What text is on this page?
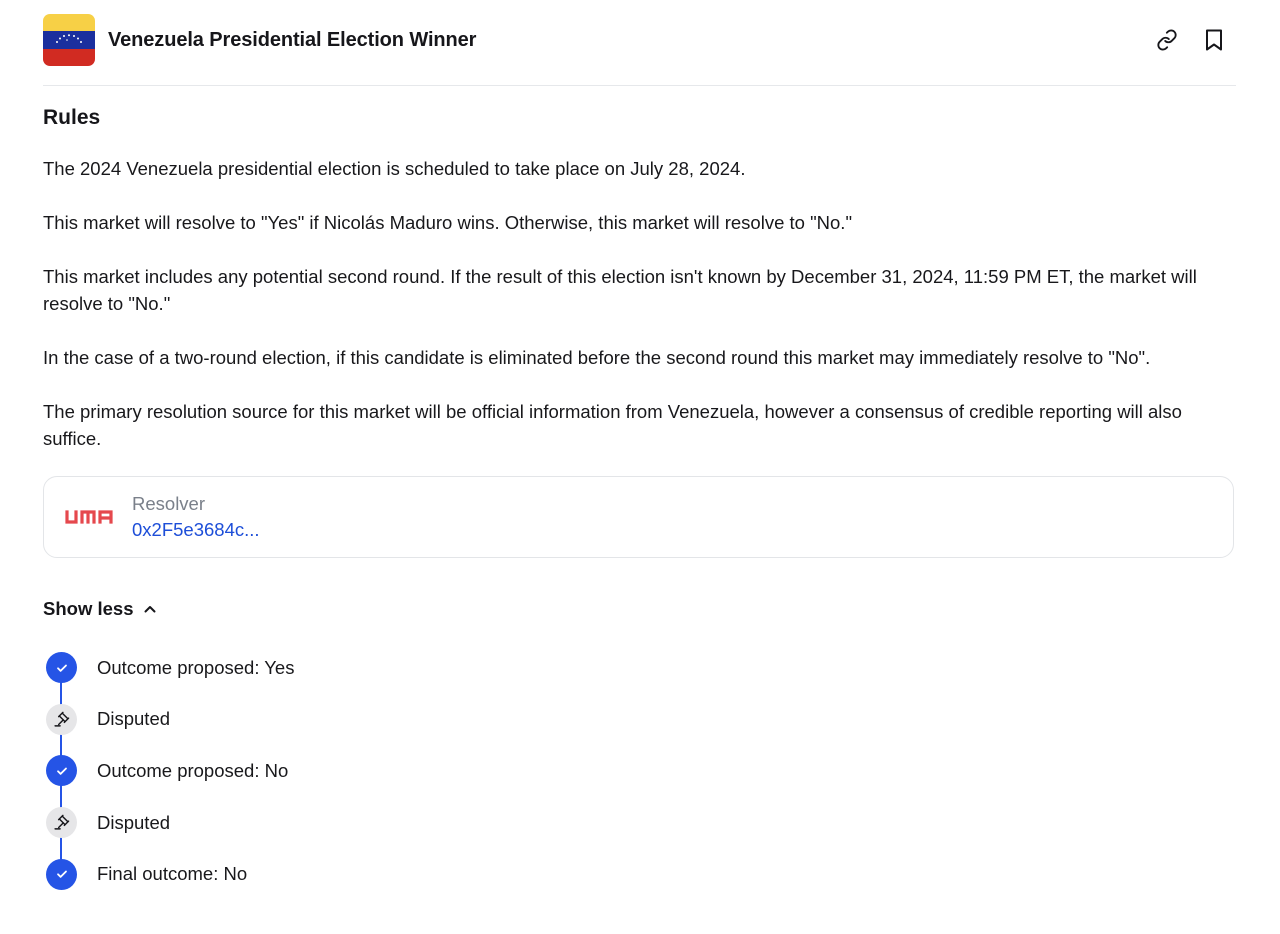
Venezuela Presidential Election Winner
Rules

The 2024 Venezuela presidential election is scheduled to take place on July 28, 2024.

This market will resolve to "Yes" if Nicolás Maduro wins. Otherwise, this market will resolve to "No."

This market includes any potential second round. If the result of this election isn't known by December 31, 2024, 11:59 PM ET, the market will resolve to "No."

In the case of a two-round election, if this candidate is eliminated before the second round this market may immediately resolve to "No".

The primary resolution source for this market will be official information from Venezuela, however a consensus of credible reporting will also suffice.

Resolver
0x2F5e3684c...
Show less
Outcome proposed: Yes
Disputed
Outcome proposed: No
Disputed
Final outcome: No
